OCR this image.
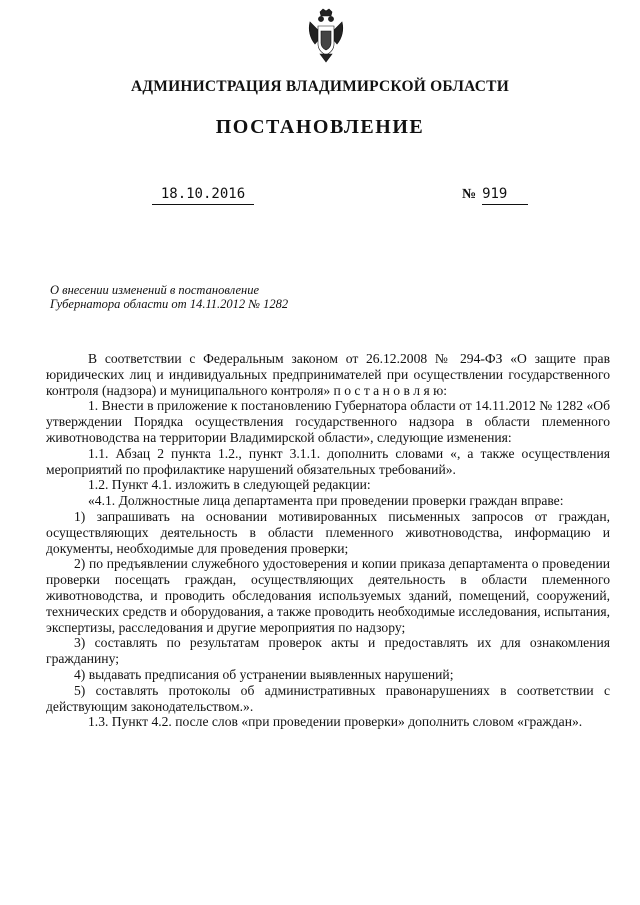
АДМИНИСТРАЦИЯ ВЛАДИМИРСКОЙ ОБЛАСТИ
ПОСТАНОВЛЕНИЕ
18.10.2016	№ 919
О внесении изменений в постановление
Губернатора области от 14.11.2012 № 1282

В соответствии с Федеральным законом от 26.12.2008 № 294-ФЗ «О защите прав юридических лиц и индивидуальных предпринимателей при осуществлении государственного контроля (надзора) и муниципального контроля» п о с т а н о в л я ю:

1. Внести в приложение к постановлению Губернатора области от 14.11.2012 № 1282 «Об утверждении Порядка осуществления государственного надзора в области племенного животноводства на территории Владимирской области», следующие изменения:

1.1. Абзац 2 пункта 1.2., пункт 3.1.1. дополнить словами «, а также осуществления мероприятий по профилактике нарушений обязательных требований».

1.2. Пункт 4.1. изложить в следующей редакции:

«4.1. Должностные лица департамента при проведении проверки граждан вправе:

1) запрашивать на основании мотивированных письменных запросов от граждан, осуществляющих деятельность в области племенного животноводства, информацию и документы, необходимые для проведения проверки;

2) по предъявлении служебного удостоверения и копии приказа департамента о проведении проверки посещать граждан, осуществляющих деятельность в области племенного животноводства, и проводить обследования используемых зданий, помещений, сооружений, технических средств и оборудования, а также проводить необходимые исследования, испытания, экспертизы, расследования и другие мероприятия по надзору;

3) составлять по результатам проверок акты и предоставлять их для ознакомления гражданину;

4) выдавать предписания об устранении выявленных нарушений;

5) составлять протоколы об административных правонарушениях в соответствии с действующим законодательством.».

1.3. Пункт 4.2. после слов «при проведении проверки» дополнить словом «граждан».
